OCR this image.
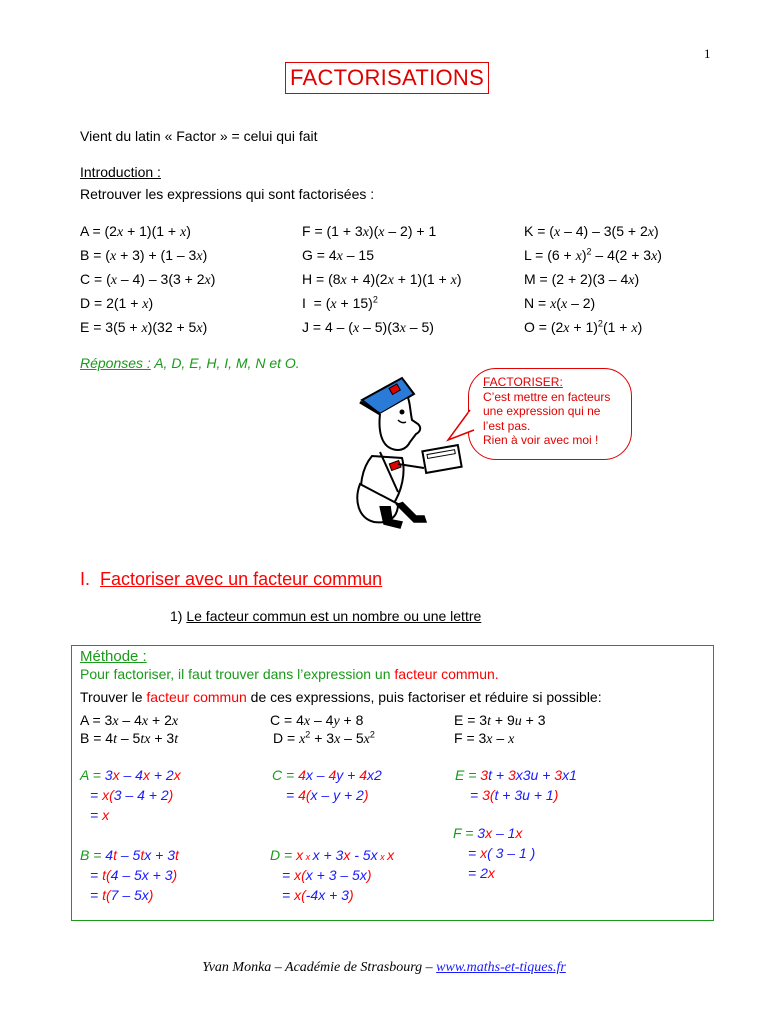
1
FACTORISATIONS
Vient du latin « Factor » = celui qui fait
Introduction :
Retrouver les expressions qui sont factorisées :
A = (2x + 1)(1 + x)
B = (x + 3) + (1 – 3x)
C = (x – 4) – 3(3 + 2x)
D = 2(1 + x)
E = 3(5 + x)(32 + 5x)
F = (1 + 3x)(x – 2) + 1
G = 4x – 15
H = (8x + 4)(2x + 1)(1 + x)
$I = (x + 15)^2$
J = 4 – (x – 5)(3x – 5)
K = (x – 4) – 3(5 + 2x)
$L = (6 + x)^2 - 4(2 + 3x)$
M = (2 + 2)(3 – 4x)
N = x(x – 2)
$O = (2x + 1)^2(1 + x)$
Réponses : A, D, E, H, I, M, N et O.
FACTORISER:
C’est mettre en facteurs
une expression qui ne
l’est pas.
Rien à voir avec moi !
I. Factoriser avec un facteur commun
1) Le facteur commun est un nombre ou une lettre
Méthode :
Pour factoriser, il faut trouver dans l’expression un facteur commun.
Trouver le facteur commun de ces expressions, puis factoriser et réduire si possible:
A = 3x – 4x + 2x
B = 4t – 5tx + 3t
C = 4x – 4y + 8
$D = x^2 + 3x - 5x^2$
E = 3t + 9u + 3
F = 3x – x
A = 3x – 4x + 2x
= x(3 – 4 + 2)
= x
C = 4x – 4y + 4x2
= 4(x – y + 2)
E = 3t + 3x3u + 3x1
= 3(t + 3u + 1)
F = 3x – 1x
= x( 3 – 1 )
= 2x
B = 4t – 5tx + 3t
= t(4 – 5x + 3)
= t(7 – 5x)
D = x x x + 3x - 5x x x
= x(x + 3 – 5x)
= x(-4x + 3)
Yvan Monka – Académie de Strasbourg – www.maths-et-tiques.fr
